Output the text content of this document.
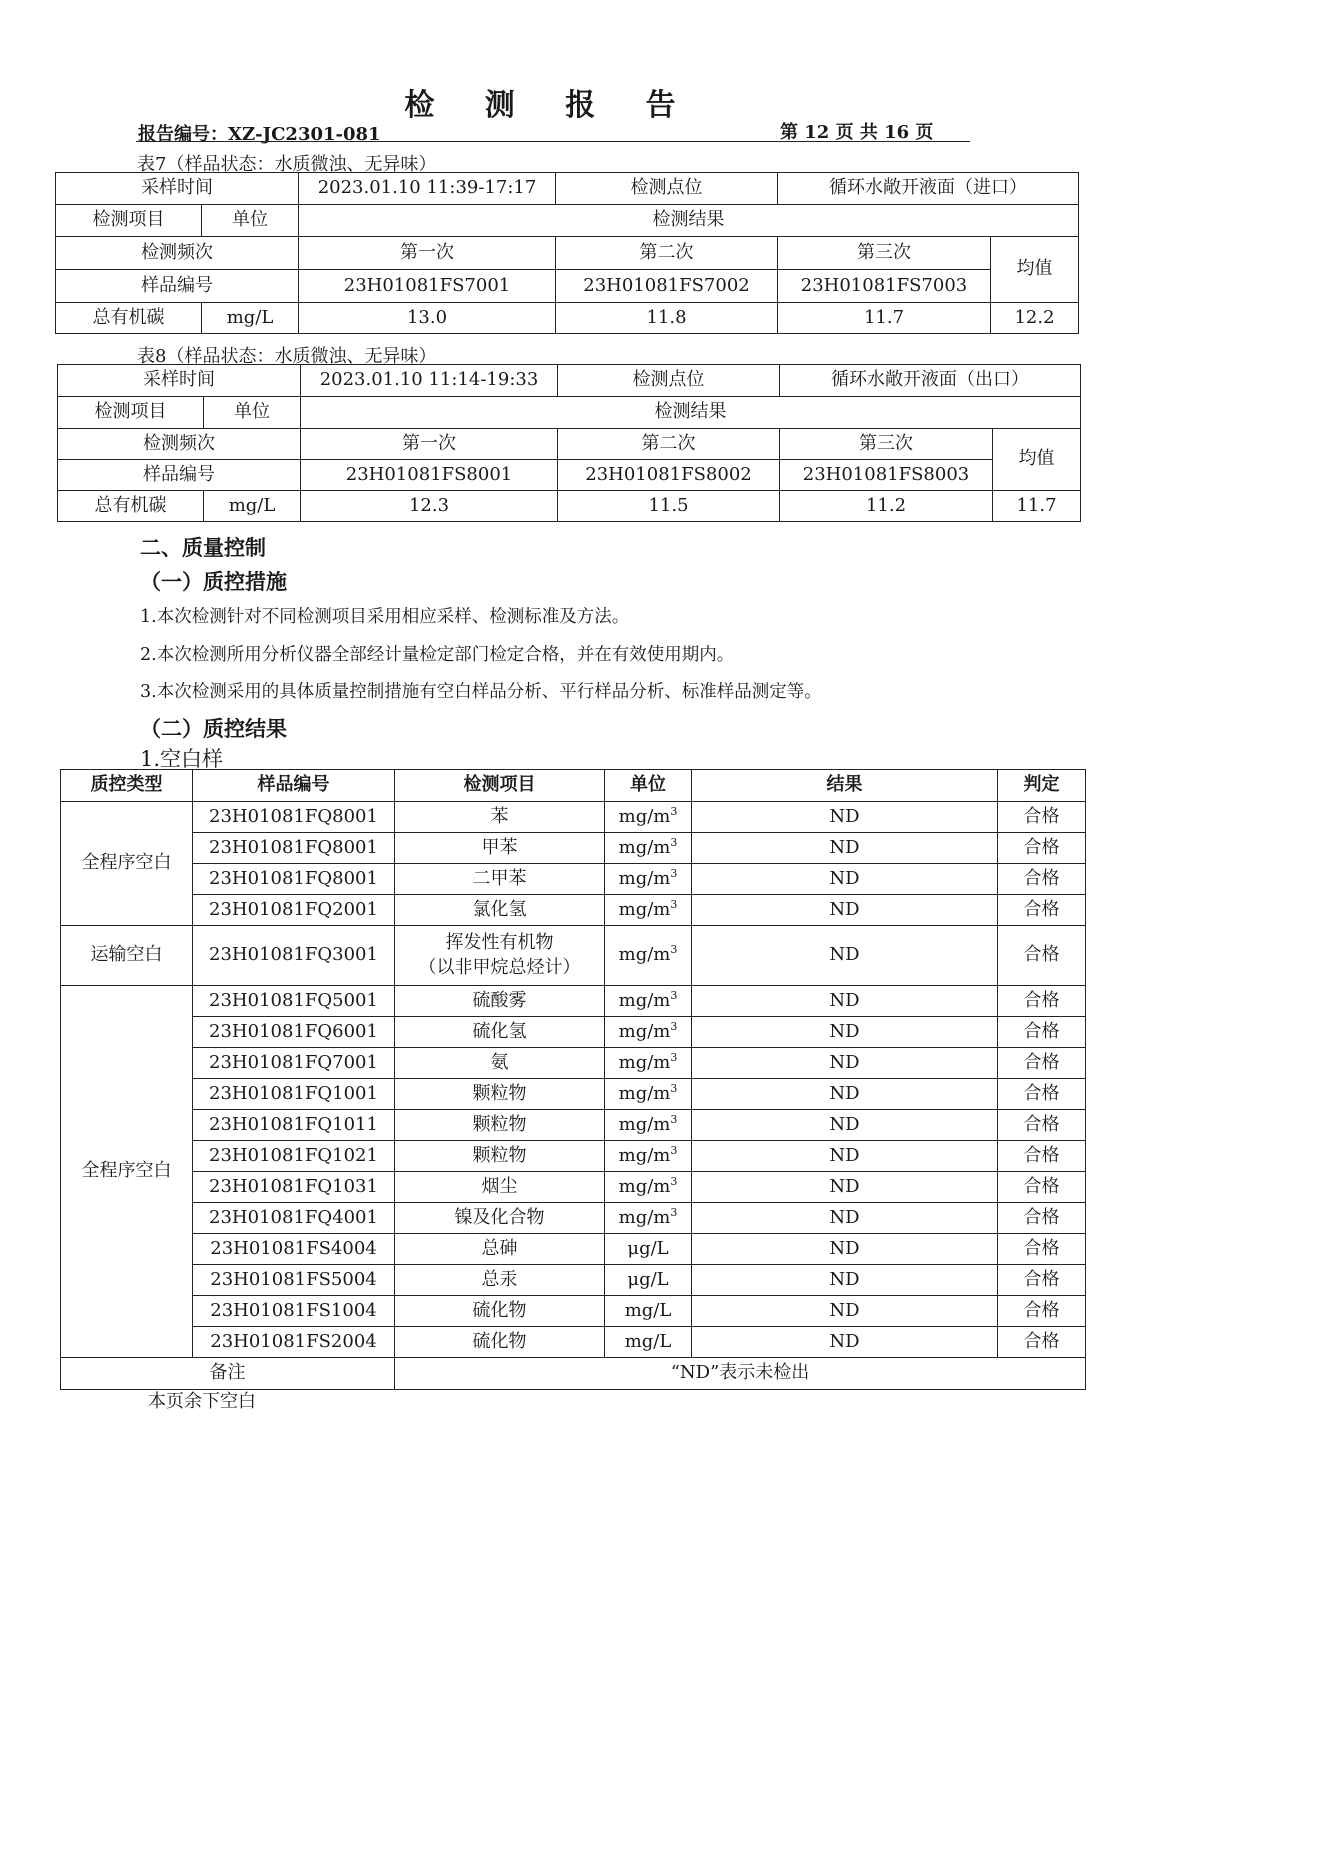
检 测 报 告
报告编号：XZ-JC2301-081	第 12 页 共 16 页
表7（样品状态：水质微浊、无异味）
采样时间		2023.01.10 11:39-17:17	检测点位	循环水敞开液面（进口）	
检测项目	单位	检测结果			
检测频次		第一次	第二次	第三次	均值
样品编号		23H01081FS7001	23H01081FS7002	23H01081FS7003	
总有机碳	mg/L	13.0	11.8	11.7	12.2
表8（样品状态：水质微浊、无异味）
采样时间		2023.01.10 11:14-19:33	检测点位	循环水敞开液面（出口）	
检测项目	单位	检测结果			
检测频次		第一次	第二次	第三次	均值
样品编号		23H01081FS8001	23H01081FS8002	23H01081FS8003	
总有机碳	mg/L	12.3	11.5	11.2	11.7
二、质量控制
（一）质控措施
1.本次检测针对不同检测项目采用相应采样、检测标准及方法。
2.本次检测所用分析仪器全部经计量检定部门检定合格，并在有效使用期内。
3.本次检测采用的具体质量控制措施有空白样品分析、平行样品分析、标准样品测定等。
（二）质控结果
1.空白样
质控类型	样品编号	检测项目	单位	结果	判定
全程序空白	23H01081FQ8001	苯	$mg/m^3$	ND	合格
	23H01081FQ8001	甲苯	$mg/m^3$	ND	合格
	23H01081FQ8001	二甲苯	$mg/m^3$	ND	合格
	23H01081FQ2001	氯化氢	$mg/m^3$	ND	合格
运输空白	23H01081FQ3001	挥发性有机物
（以非甲烷总烃计）	$mg/m^3$	ND	合格
全程序空白	23H01081FQ5001	硫酸雾	$mg/m^3$	ND	合格
	23H01081FQ6001	硫化氢	$mg/m^3$	ND	合格
	23H01081FQ7001	氨	$mg/m^3$	ND	合格
	23H01081FQ1001	颗粒物	$mg/m^3$	ND	合格
	23H01081FQ1011	颗粒物	$mg/m^3$	ND	合格
	23H01081FQ1021	颗粒物	$mg/m^3$	ND	合格
	23H01081FQ1031	烟尘	$mg/m^3$	ND	合格
	23H01081FQ4001	镍及化合物	$mg/m^3$	ND	合格
	23H01081FS4004	总砷	μg/L	ND	合格
	23H01081FS5004	总汞	μg/L	ND	合格
	23H01081FS1004	硫化物	mg/L	ND	合格
	23H01081FS2004	硫化物	mg/L	ND	合格
备注		“ND”表示未检出			
本页余下空白
